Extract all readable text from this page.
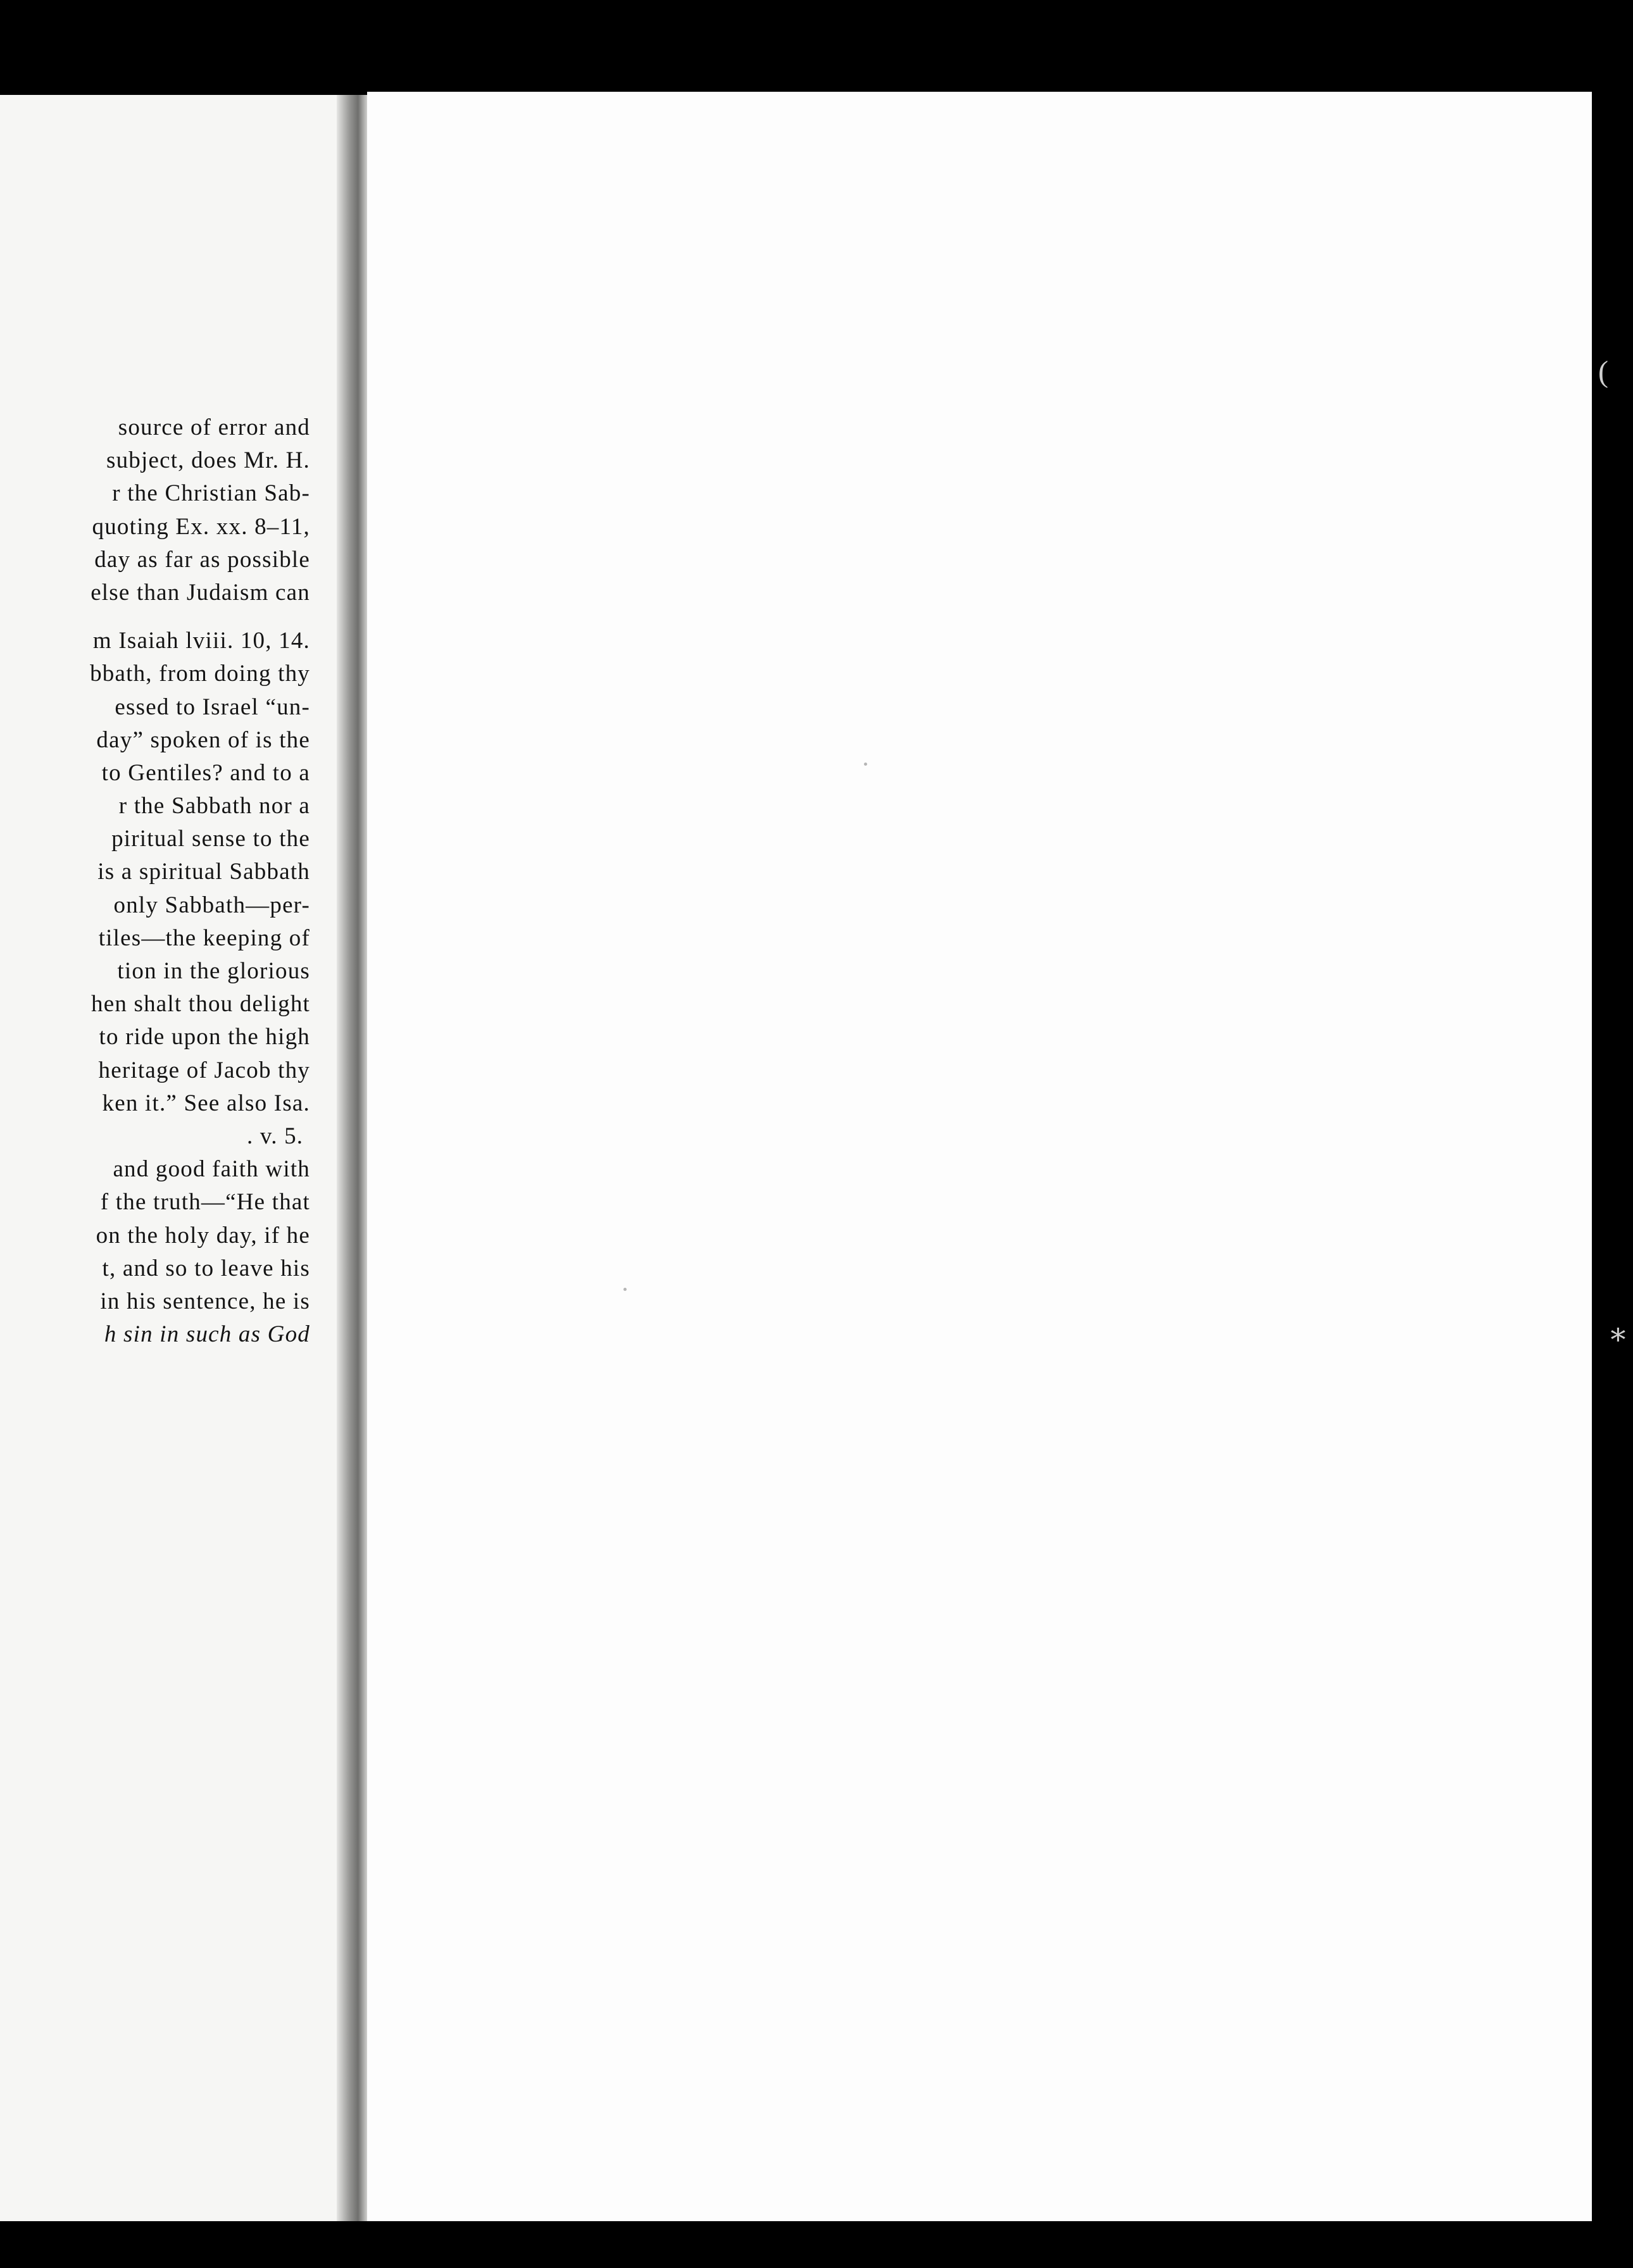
source of error and
subject, does Mr. H.
r the Christian Sab-
quoting Ex. xx. 8–11,
day as far as possible
else than Judaism can
m Isaiah lviii. 10, 14.
bbath, from doing thy
essed to Israel “un-
day” spoken of is the
to Gentiles? and to a
r the Sabbath nor a
piritual sense to the
is a spiritual Sabbath
only Sabbath—per-
tiles—the keeping of
tion in the glorious
hen shalt thou delight
to ride upon the high
heritage of Jacob thy
ken it.” See also Isa.
. v. 5.
and good faith with
f the truth—“He that
on the holy day, if he
t, and so to leave his
in his sentence, he is
h sin in such as God
(
∗
